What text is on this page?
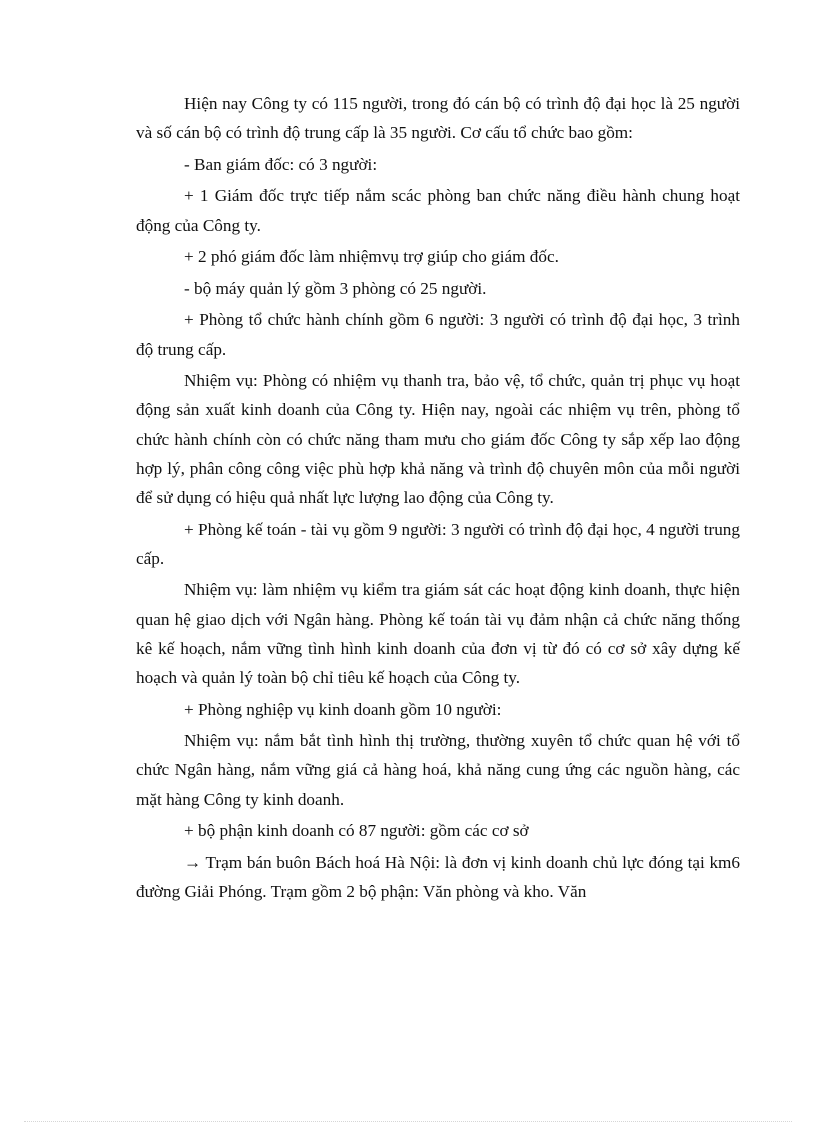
Hiện nay Công ty có 115 người, trong đó cán bộ có trình độ đại học là 25 người và số cán bộ có trình độ trung cấp là 35 người. Cơ cấu tổ chức bao gồm:

- Ban giám đốc: có 3 người:

+ 1 Giám đốc trực tiếp nắm scác phòng ban chức năng điều hành chung hoạt động của Công ty.

+ 2 phó giám đốc làm nhiệmvụ trợ giúp cho giám đốc.

- bộ máy quản lý gồm 3 phòng có 25 người.

+ Phòng tổ chức hành chính gồm 6 người: 3 người có trình độ đại học, 3 trình độ trung cấp.

Nhiệm vụ: Phòng có nhiệm vụ thanh tra, bảo vệ, tổ chức, quản trị phục vụ hoạt động sản xuất kinh doanh của Công ty. Hiện nay, ngoài các nhiệm vụ trên, phòng tổ chức hành chính còn có chức năng tham mưu cho giám đốc Công ty sắp xếp lao động hợp lý, phân công công việc phù hợp khả năng và trình độ chuyên môn của mỗi người để sử dụng có hiệu quả nhất lực lượng lao động của Công ty.

+ Phòng kế toán - tài vụ gồm 9 người: 3 người có trình độ đại học, 4 người trung cấp.

Nhiệm vụ: làm nhiệm vụ kiểm tra giám sát các hoạt động kinh doanh, thực hiện quan hệ giao dịch với Ngân hàng. Phòng kế toán tài vụ đảm nhận cả chức năng thống kê kế hoạch, nắm vững tình hình kinh doanh của đơn vị từ đó có cơ sở xây dựng kế hoạch và quản lý toàn bộ chỉ tiêu kế hoạch của Công ty.

+ Phòng nghiệp vụ kinh doanh gồm 10 người:

Nhiệm vụ: nắm bắt tình hình thị trường, thường xuyên tổ chức quan hệ với tổ chức Ngân hàng, nắm vững giá cả hàng hoá, khả năng cung ứng các nguồn hàng, các mặt hàng Công ty kinh doanh.

+ bộ phận kinh doanh có 87 người: gồm các cơ sở

→ Trạm bán buôn Bách hoá Hà Nội: là đơn vị kinh doanh chủ lực đóng tại km6 đường Giải Phóng. Trạm gồm 2 bộ phận: Văn phòng và kho. Văn
